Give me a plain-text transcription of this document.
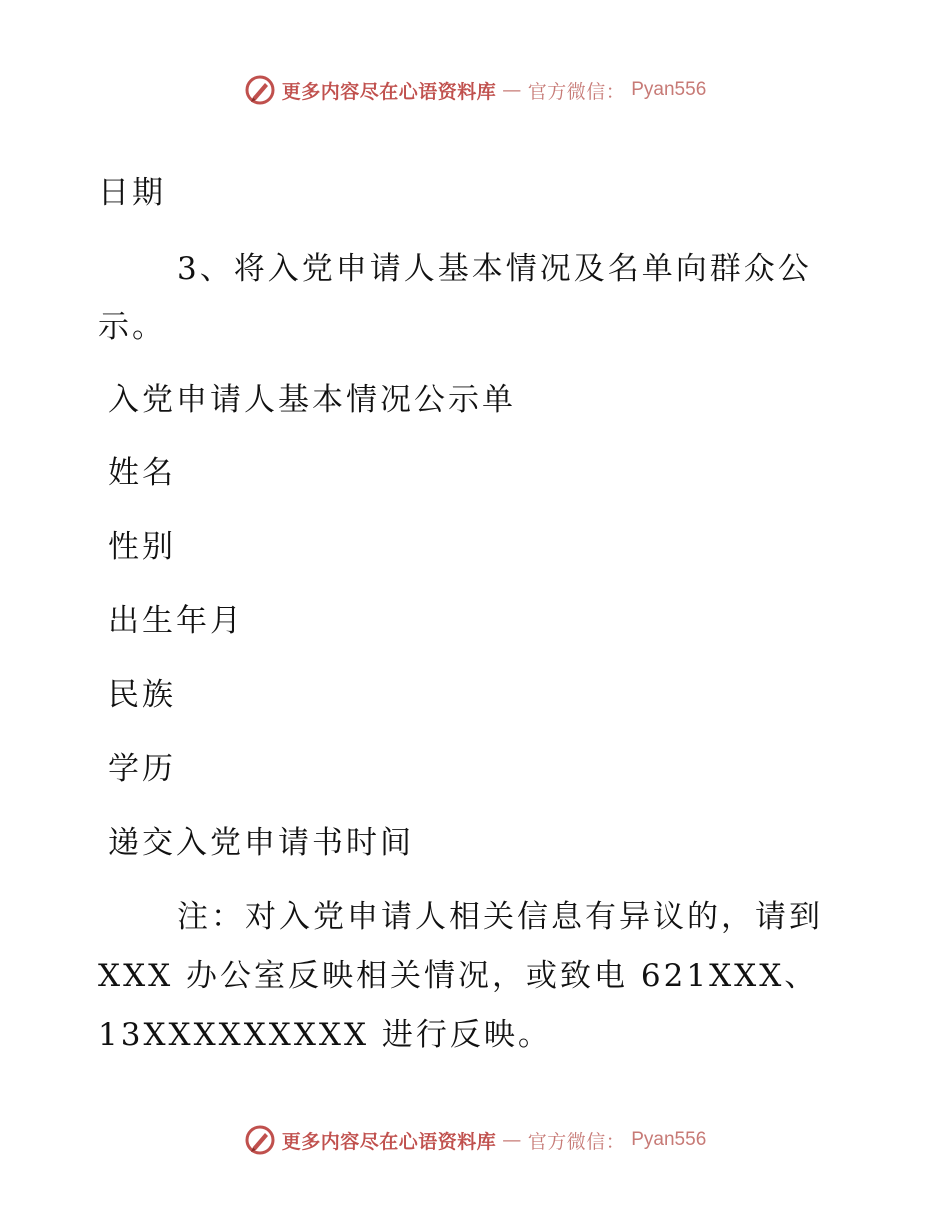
更多内容尽在心语资料库 — 官方微信： Pyan556
日期
3、将入党申请人基本情况及名单向群众公
示。
入党申请人基本情况公示单
姓名
性别
出生年月
民族
学历
递交入党申请书时间
注：对入党申请人相关信息有异议的，请到
XXX 办公室反映相关情况，或致电 621XXX、
13XXXXXXXXX 进行反映。
更多内容尽在心语资料库 — 官方微信： Pyan556
